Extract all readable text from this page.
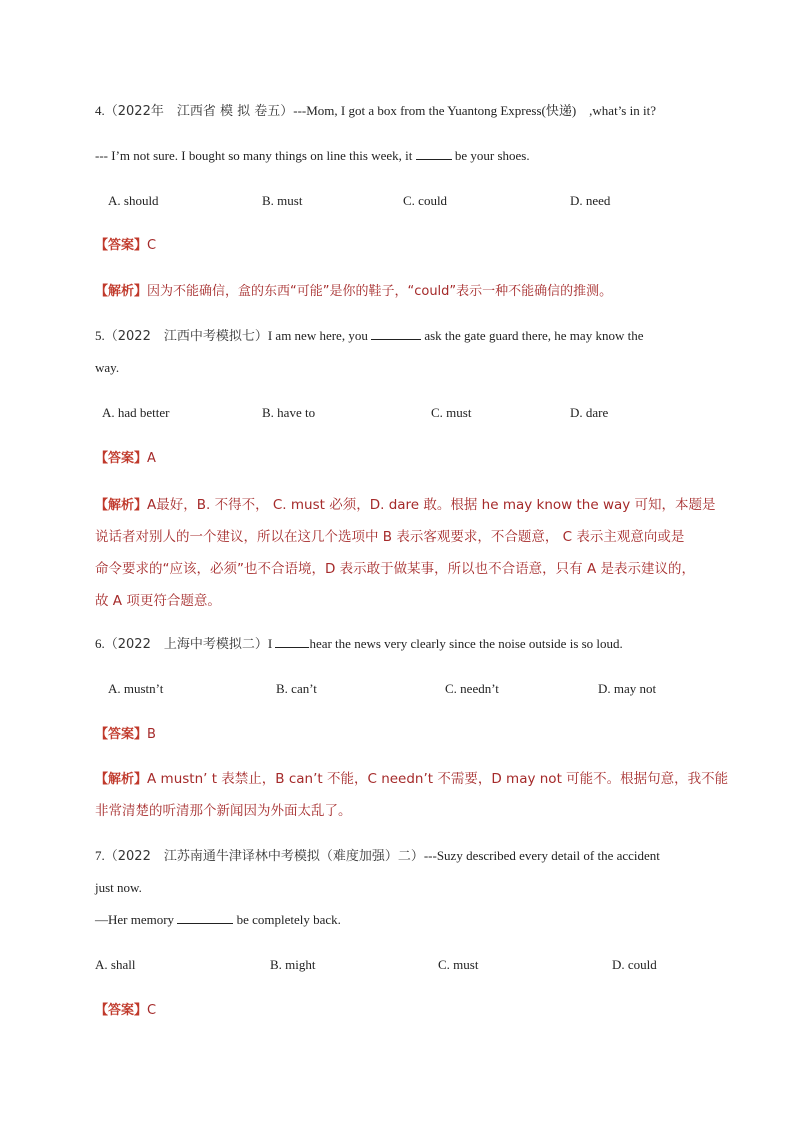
4.（2022年　江西省 模 拟 卷五）---Mom, I got a box from the Yuantong Express(快递)　,what’s in it?
--- I’m not sure. I bought so many things on line this week, it	be your shoes.
A. should	B. must	C. could	D. need
【答案】C
【解析】因为不能确信，盒的东西“可能”是你的鞋子，“could”表示一种不能确信的推测。
5.（2022　江西中考模拟七）I am new here, you	ask the gate guard there, he may know the
way.
A. had better	B. have to	C. must	D. dare
【答案】A
【解析】A最好，B. 不得不， C. must 必须，D. dare 敢。根据 he may know the way 可知，本题是
说话者对别人的一个建议，所以在这几个选项中 B 表示客观要求，不合题意， C 表示主观意向或是
命令要求的“应该，必须”也不合语境，D 表示敢于做某事，所以也不合语意，只有 A 是表示建议的，
故 A 项更符合题意。
6.（2022　上海中考模拟二）I	hear the news very clearly since the noise outside is so loud.
A. mustn’t	B. can’t	C. needn’t	D. may not
【答案】B
【解析】A mustn’ t 表禁止，B can’t 不能，C needn’t 不需要，D may not 可能不。根据句意，我不能
非常清楚的听清那个新闻因为外面太乱了。
7.（2022　江苏南通牛津译林中考模拟（难度加强）二）---Suzy described every detail of the accident
just now.
—Her memory	be completely back.
A. shall	B. might	C. must	D. could
【答案】C
